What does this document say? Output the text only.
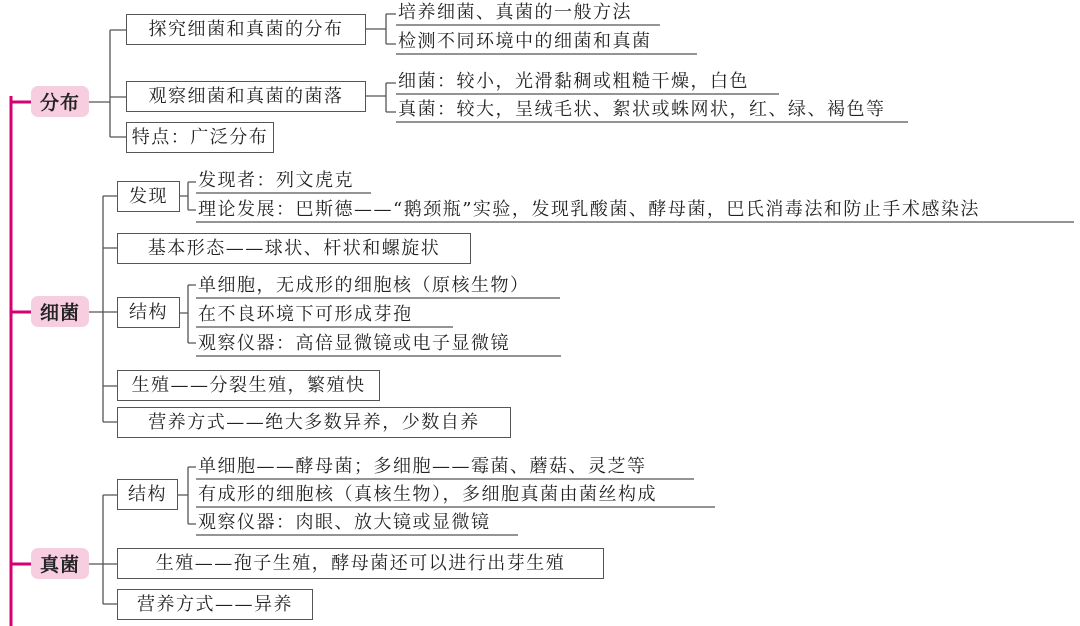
分布
细菌
真菌
探究细菌和真菌的分布
培养细菌、真菌的一般方法
检测不同环境中的细菌和真菌
观察细菌和真菌的菌落
细菌：较小，光滑黏稠或粗糙干燥，白色
真菌：较大，呈绒毛状、絮状或蛛网状，红、绿、褐色等
特点：广泛分布
发现
发现者：列文虎克
理论发展：巴斯德——“鹅颈瓶”实验，发现乳酸菌、酵母菌，巴氏消毒法和防止手术感染法
基本形态——球状、杆状和螺旋状
结构
单细胞，无成形的细胞核（原核生物）
在不良环境下可形成芽孢
观察仪器：高倍显微镜或电子显微镜
生殖——分裂生殖，繁殖快
营养方式——绝大多数异养，少数自养
结构
单细胞——酵母菌；多细胞——霉菌、蘑菇、灵芝等
有成形的细胞核（真核生物），多细胞真菌由菌丝构成
观察仪器：肉眼、放大镜或显微镜
生殖——孢子生殖，酵母菌还可以进行出芽生殖
营养方式——异养
